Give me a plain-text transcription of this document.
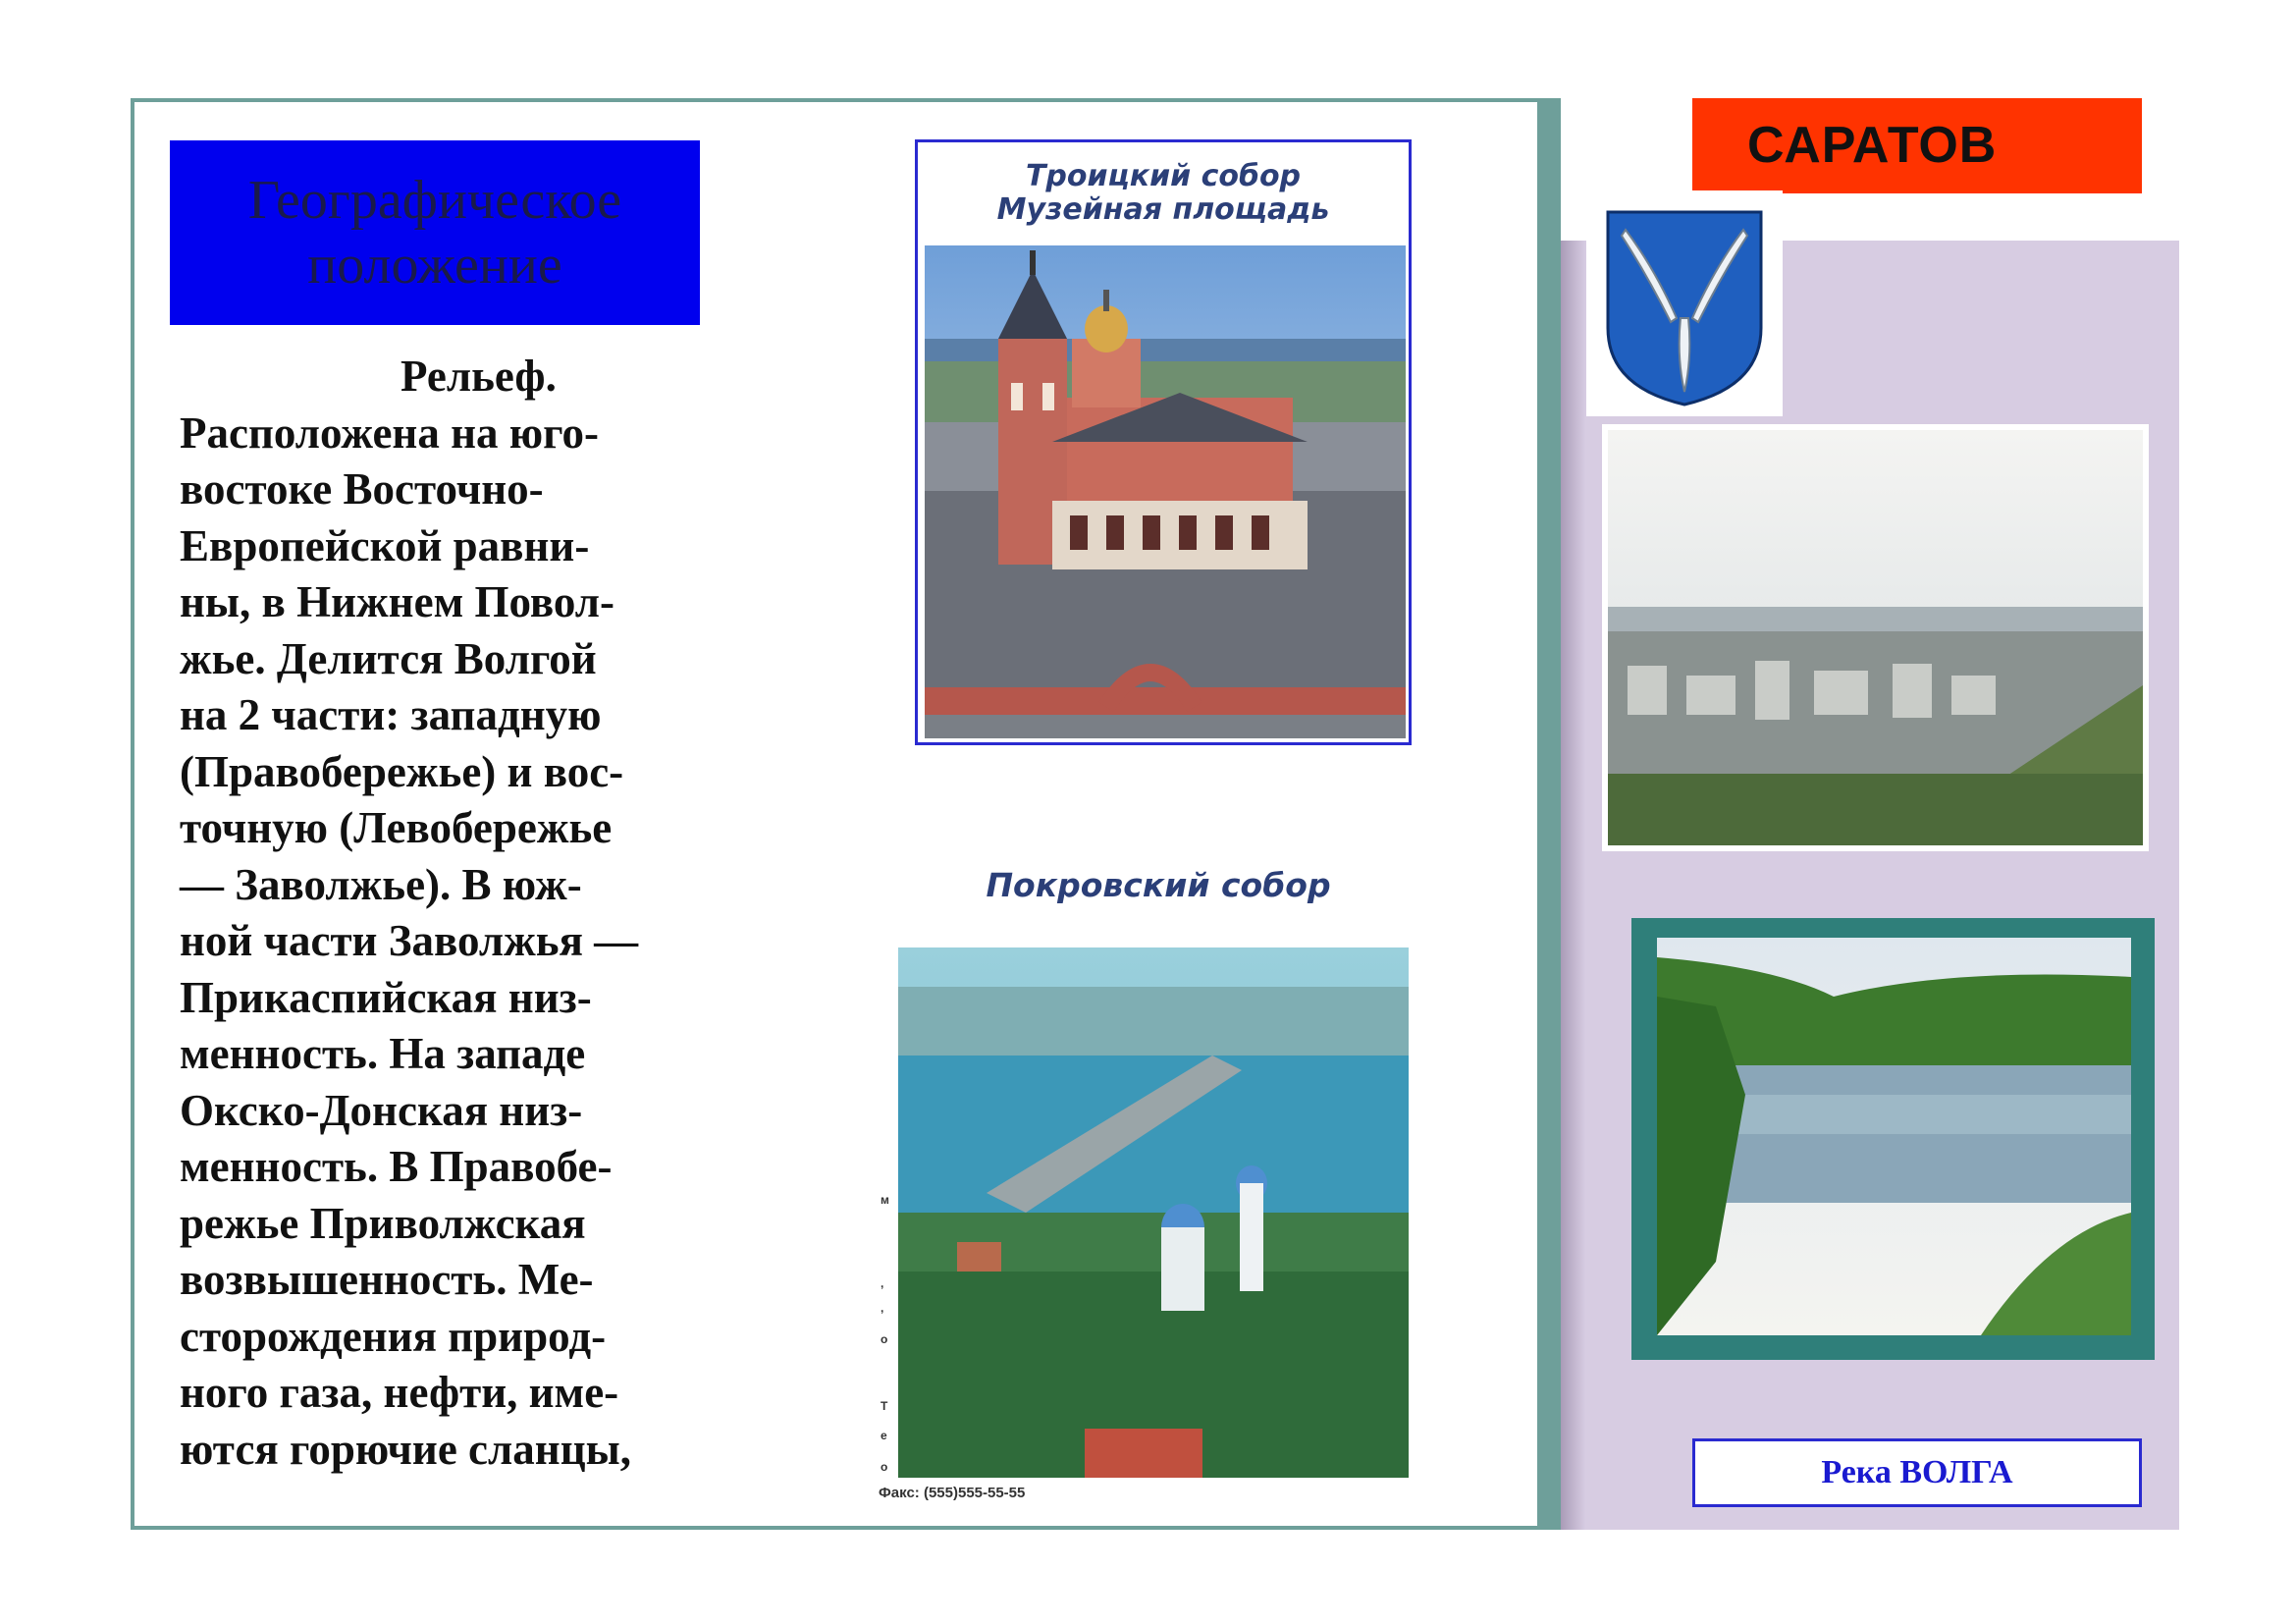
Географическое положение
Рельеф.
Расположена на юго-
востоке Восточно-
Европейской равни-
ны, в Нижнем Повол-
жье. Делится Волгой
на 2 части: западную
(Правобережье) и вос-
точную (Левобережье
— Заволжье). В юж-
ной части Заволжья —
Прикаспийская низ-
менность. На западе
Окско-Донская низ-
менность. В Правобе-
режье Приволжская
возвышенность. Ме-
сторождения природ-
ного газа, нефти, име-
ются горючие сланцы,
Троицкий собор
Музейная площадь
Покровский собор
м
,
,
о
Т
е
о
Факс: (555)555-55-55
САРАТОВ
Река ВОЛГА
